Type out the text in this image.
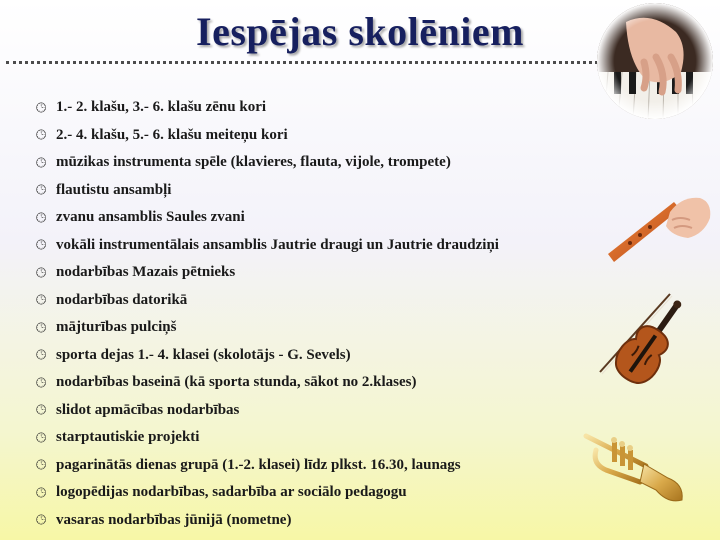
Iespējas skolēniem
🕒︎ 1.- 2. klašu, 3.- 6. klašu zēnu kori
🕒︎ 2.- 4. klašu, 5.- 6. klašu meiteņu kori
🕒︎ mūzikas instrumenta spēle (klavieres, flauta, vijole, trompete)
🕒︎ flautistu ansambļi
🕒︎ zvanu ansamblis Saules zvani
🕒︎ vokāli instrumentālais ansamblis Jautrie draugi un Jautrie draudziņi
🕒︎ nodarbības Mazais pētnieks
🕒︎ nodarbības datorikā
🕒︎ mājturības pulciņš
🕒︎ sporta dejas 1.- 4. klasei (skolotājs - G. Sevels)
🕒︎ nodarbības baseinā (kā sporta stunda, sākot no 2.klases)
🕒︎ slidot apmācības nodarbības
🕒︎ starptautiskie projekti
🕒︎ pagarinātās dienas grupā (1.-2. klasei) līdz plkst. 16.30, launags
🕒︎ logopēdijas nodarbības, sadarbība ar sociālo pedagogu
🕒︎ vasaras nodarbības jūnijā (nometne)
